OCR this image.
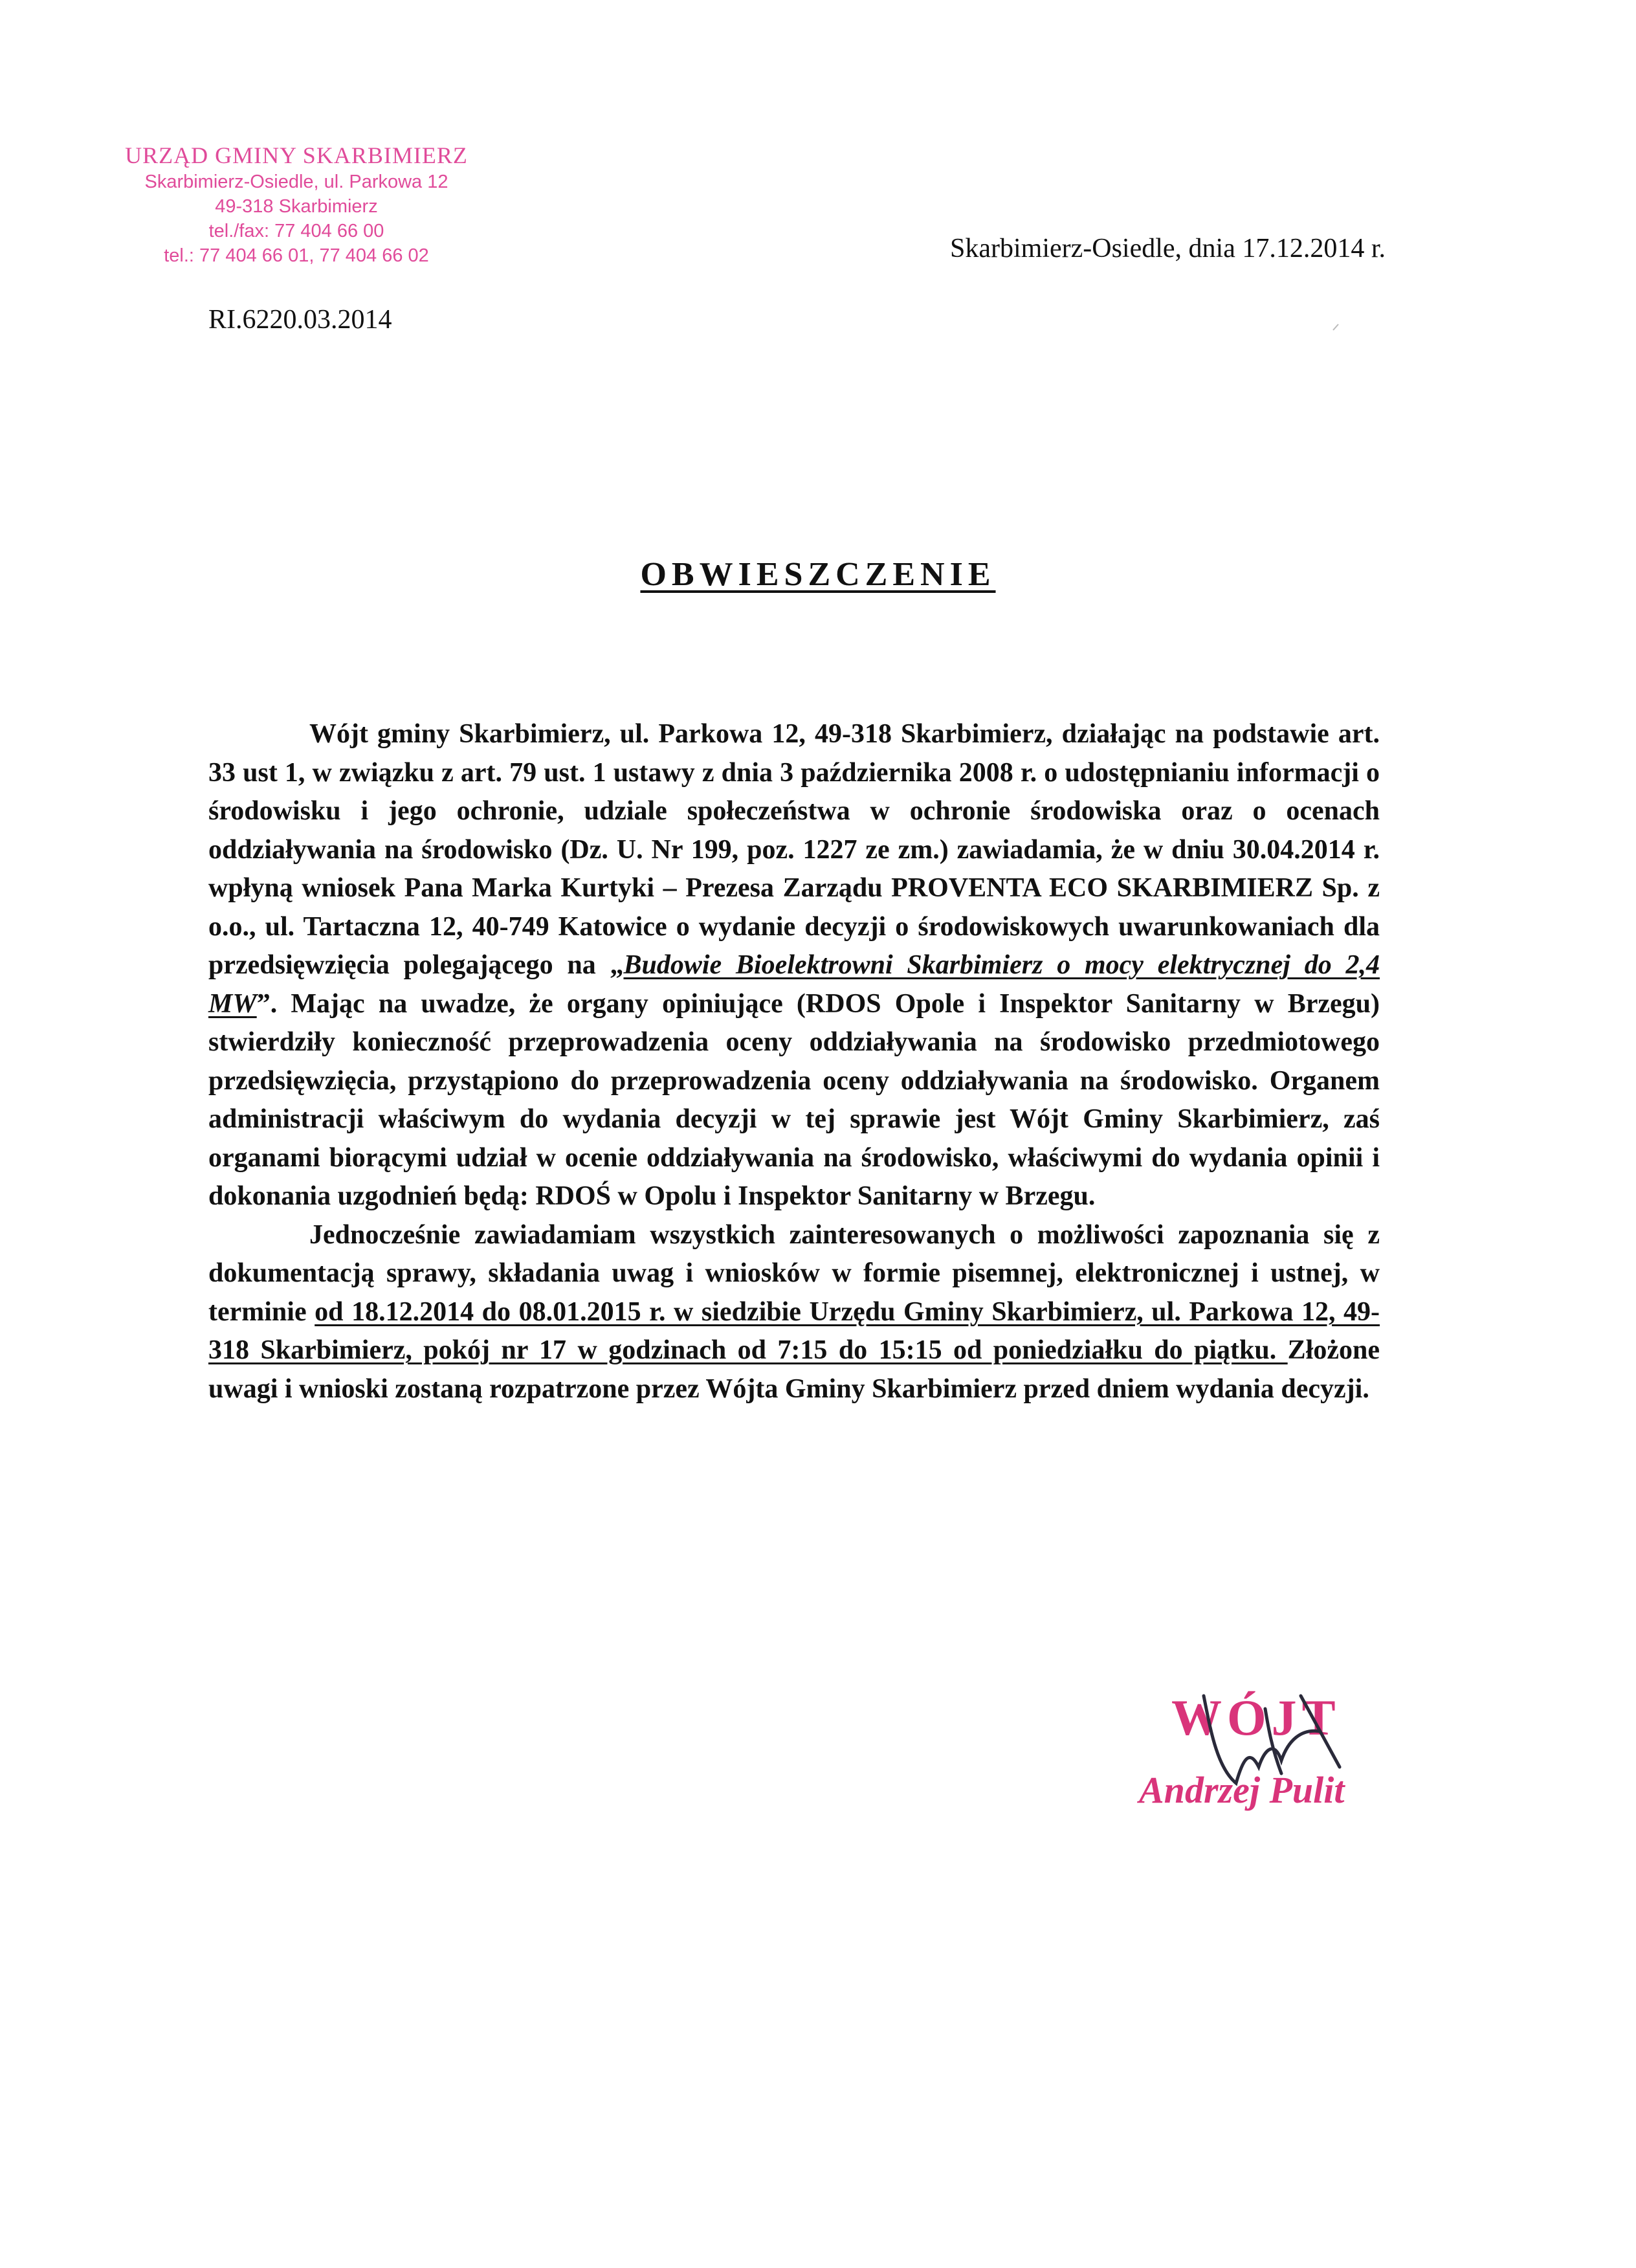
URZĄD GMINY SKARBIMIERZ
Skarbimierz-Osiedle, ul. Parkowa 12
49-318 Skarbimierz
tel./fax: 77 404 66 00
tel.: 77 404 66 01, 77 404 66 02	Skarbimierz-Osiedle, dnia 17.12.2014 r.
RI.6220.03.2014
OBWIESZCZENIE

Wójt gminy Skarbimierz, ul. Parkowa 12, 49-318 Skarbimierz, działając na podstawie art. 33 ust 1, w związku z art. 79 ust. 1 ustawy z dnia 3 października 2008 r. o udostępnianiu informacji o środowisku i jego ochronie, udziale społeczeństwa w ochronie środowiska oraz o ocenach oddziaływania na środowisko (Dz. U. Nr 199, poz. 1227 ze zm.) zawiadamia, że w dniu 30.04.2014 r. wpłyną wniosek Pana Marka Kurtyki – Prezesa Zarządu PROVENTA ECO SKARBIMIERZ Sp. z o.o., ul. Tartaczna 12, 40-749 Katowice o wydanie decyzji o środowiskowych uwarunkowaniach dla przedsięwzięcia polegającego na „Budowie Bioelektrowni Skarbimierz o mocy elektrycznej do 2,4 MW”. Mając na uwadze, że organy opiniujące (RDOS Opole i Inspektor Sanitarny w Brzegu) stwierdziły konieczność przeprowadzenia oceny oddziaływania na środowisko przedmiotowego przedsięwzięcia, przystąpiono do przeprowadzenia oceny oddziaływania na środowisko. Organem administracji właściwym do wydania decyzji w tej sprawie jest Wójt Gminy Skarbimierz, zaś organami biorącymi udział w ocenie oddziaływania na środowisko, właściwymi do wydania opinii i dokonania uzgodnień będą: RDOŚ w Opolu i Inspektor Sanitarny w Brzegu.

Jednocześnie zawiadamiam wszystkich zainteresowanych o możliwości zapoznania się z dokumentacją sprawy, składania uwag i wniosków w formie pisemnej, elektronicznej i ustnej, w terminie od 18.12.2014 do 08.01.2015 r. w siedzibie Urzędu Gminy Skarbimierz, ul. Parkowa 12, 49-318 Skarbimierz, pokój nr 17 w godzinach od 7:15 do 15:15 od poniedziałku do piątku. Złożone uwagi i wnioski zostaną rozpatrzone przez Wójta Gminy Skarbimierz przed dniem wydania decyzji.

WÓJT
Andrzej Pulit
